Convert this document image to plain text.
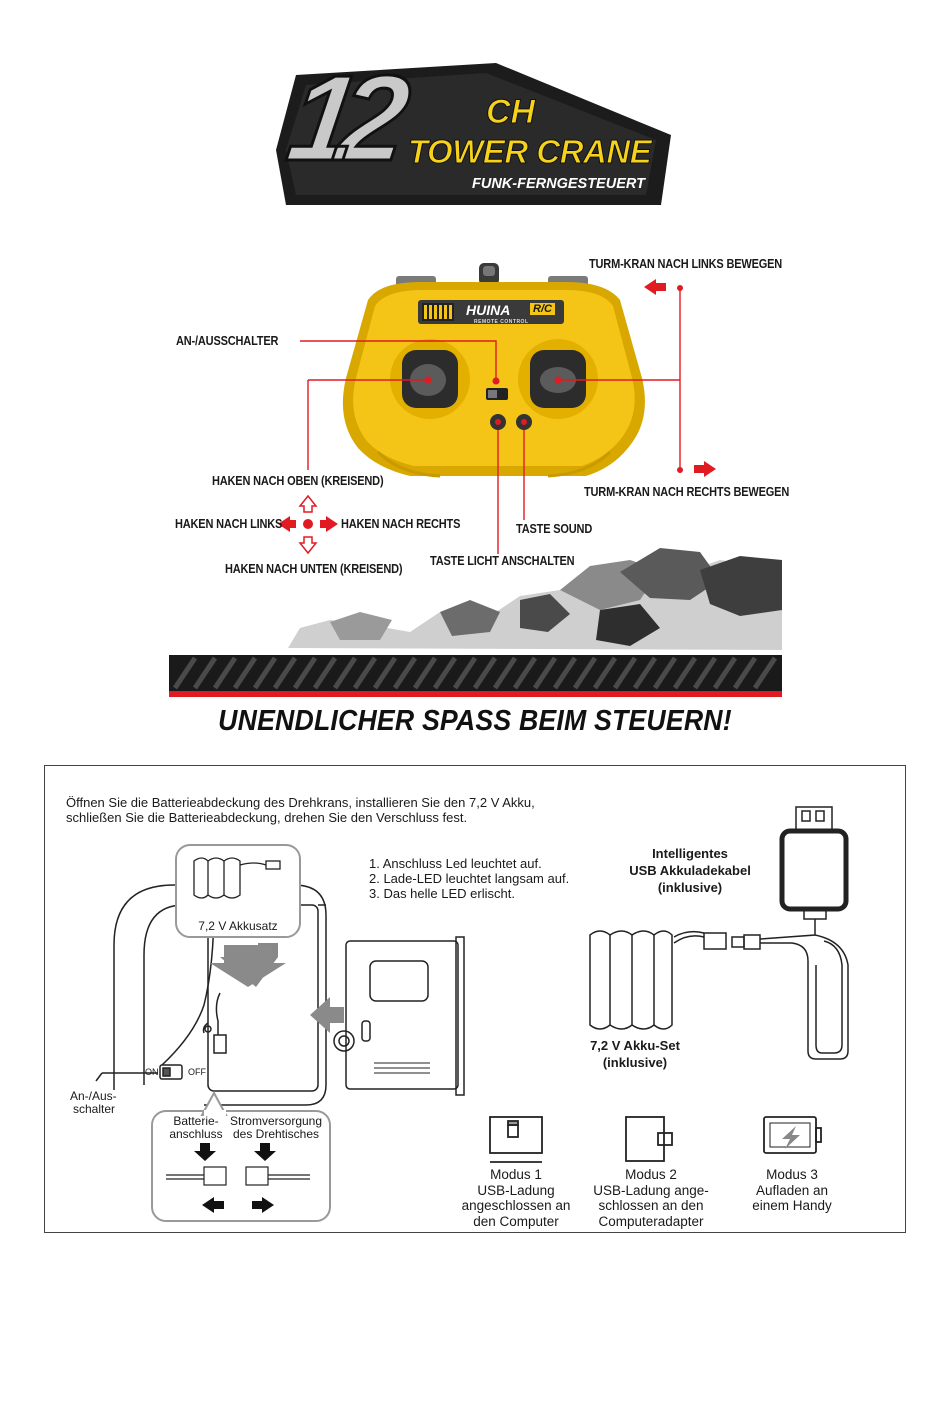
12	CH
TOWER CRANE
FUNK-FERNGESTEUERT
HUINA R/C
REMOTE CONTROL
AN-/AUSSCHALTER
TURM-KRAN NACH LINKS BEWEGEN
TURM-KRAN NACH RECHTS BEWEGEN
HAKEN NACH OBEN (KREISEND)
HAKEN NACH LINKS	HAKEN NACH RECHTS
HAKEN NACH UNTEN (KREISEND)
TASTE SOUND
TASTE LICHT ANSCHALTEN
UNENDLICHER SPASS BEIM STEUERN!
Öffnen Sie die Batterieabdeckung des Drehkrans, installieren Sie den 7,2 V Akku,
schließen Sie die Batterieabdeckung, drehen Sie den Verschluss fest.
1. Anschluss Led leuchtet auf.
2. Lade-LED leuchtet langsam auf.
3. Das helle LED erlischt.
7,2 V Akkusatz
ON	OFF
An-/Aus-
schalter
Batterie-
anschluss
Stromversorgung
des Drehtisches
Intelligentes
USB Akkuladekabel
(inklusive)
7,2 V Akku-Set
(inklusive)
Modus 1
USB-Ladung
angeschlossen an
den Computer
Modus 2
USB-Ladung ange-
schlossen an den
Computeradapter
Modus 3
Aufladen an
einem Handy
